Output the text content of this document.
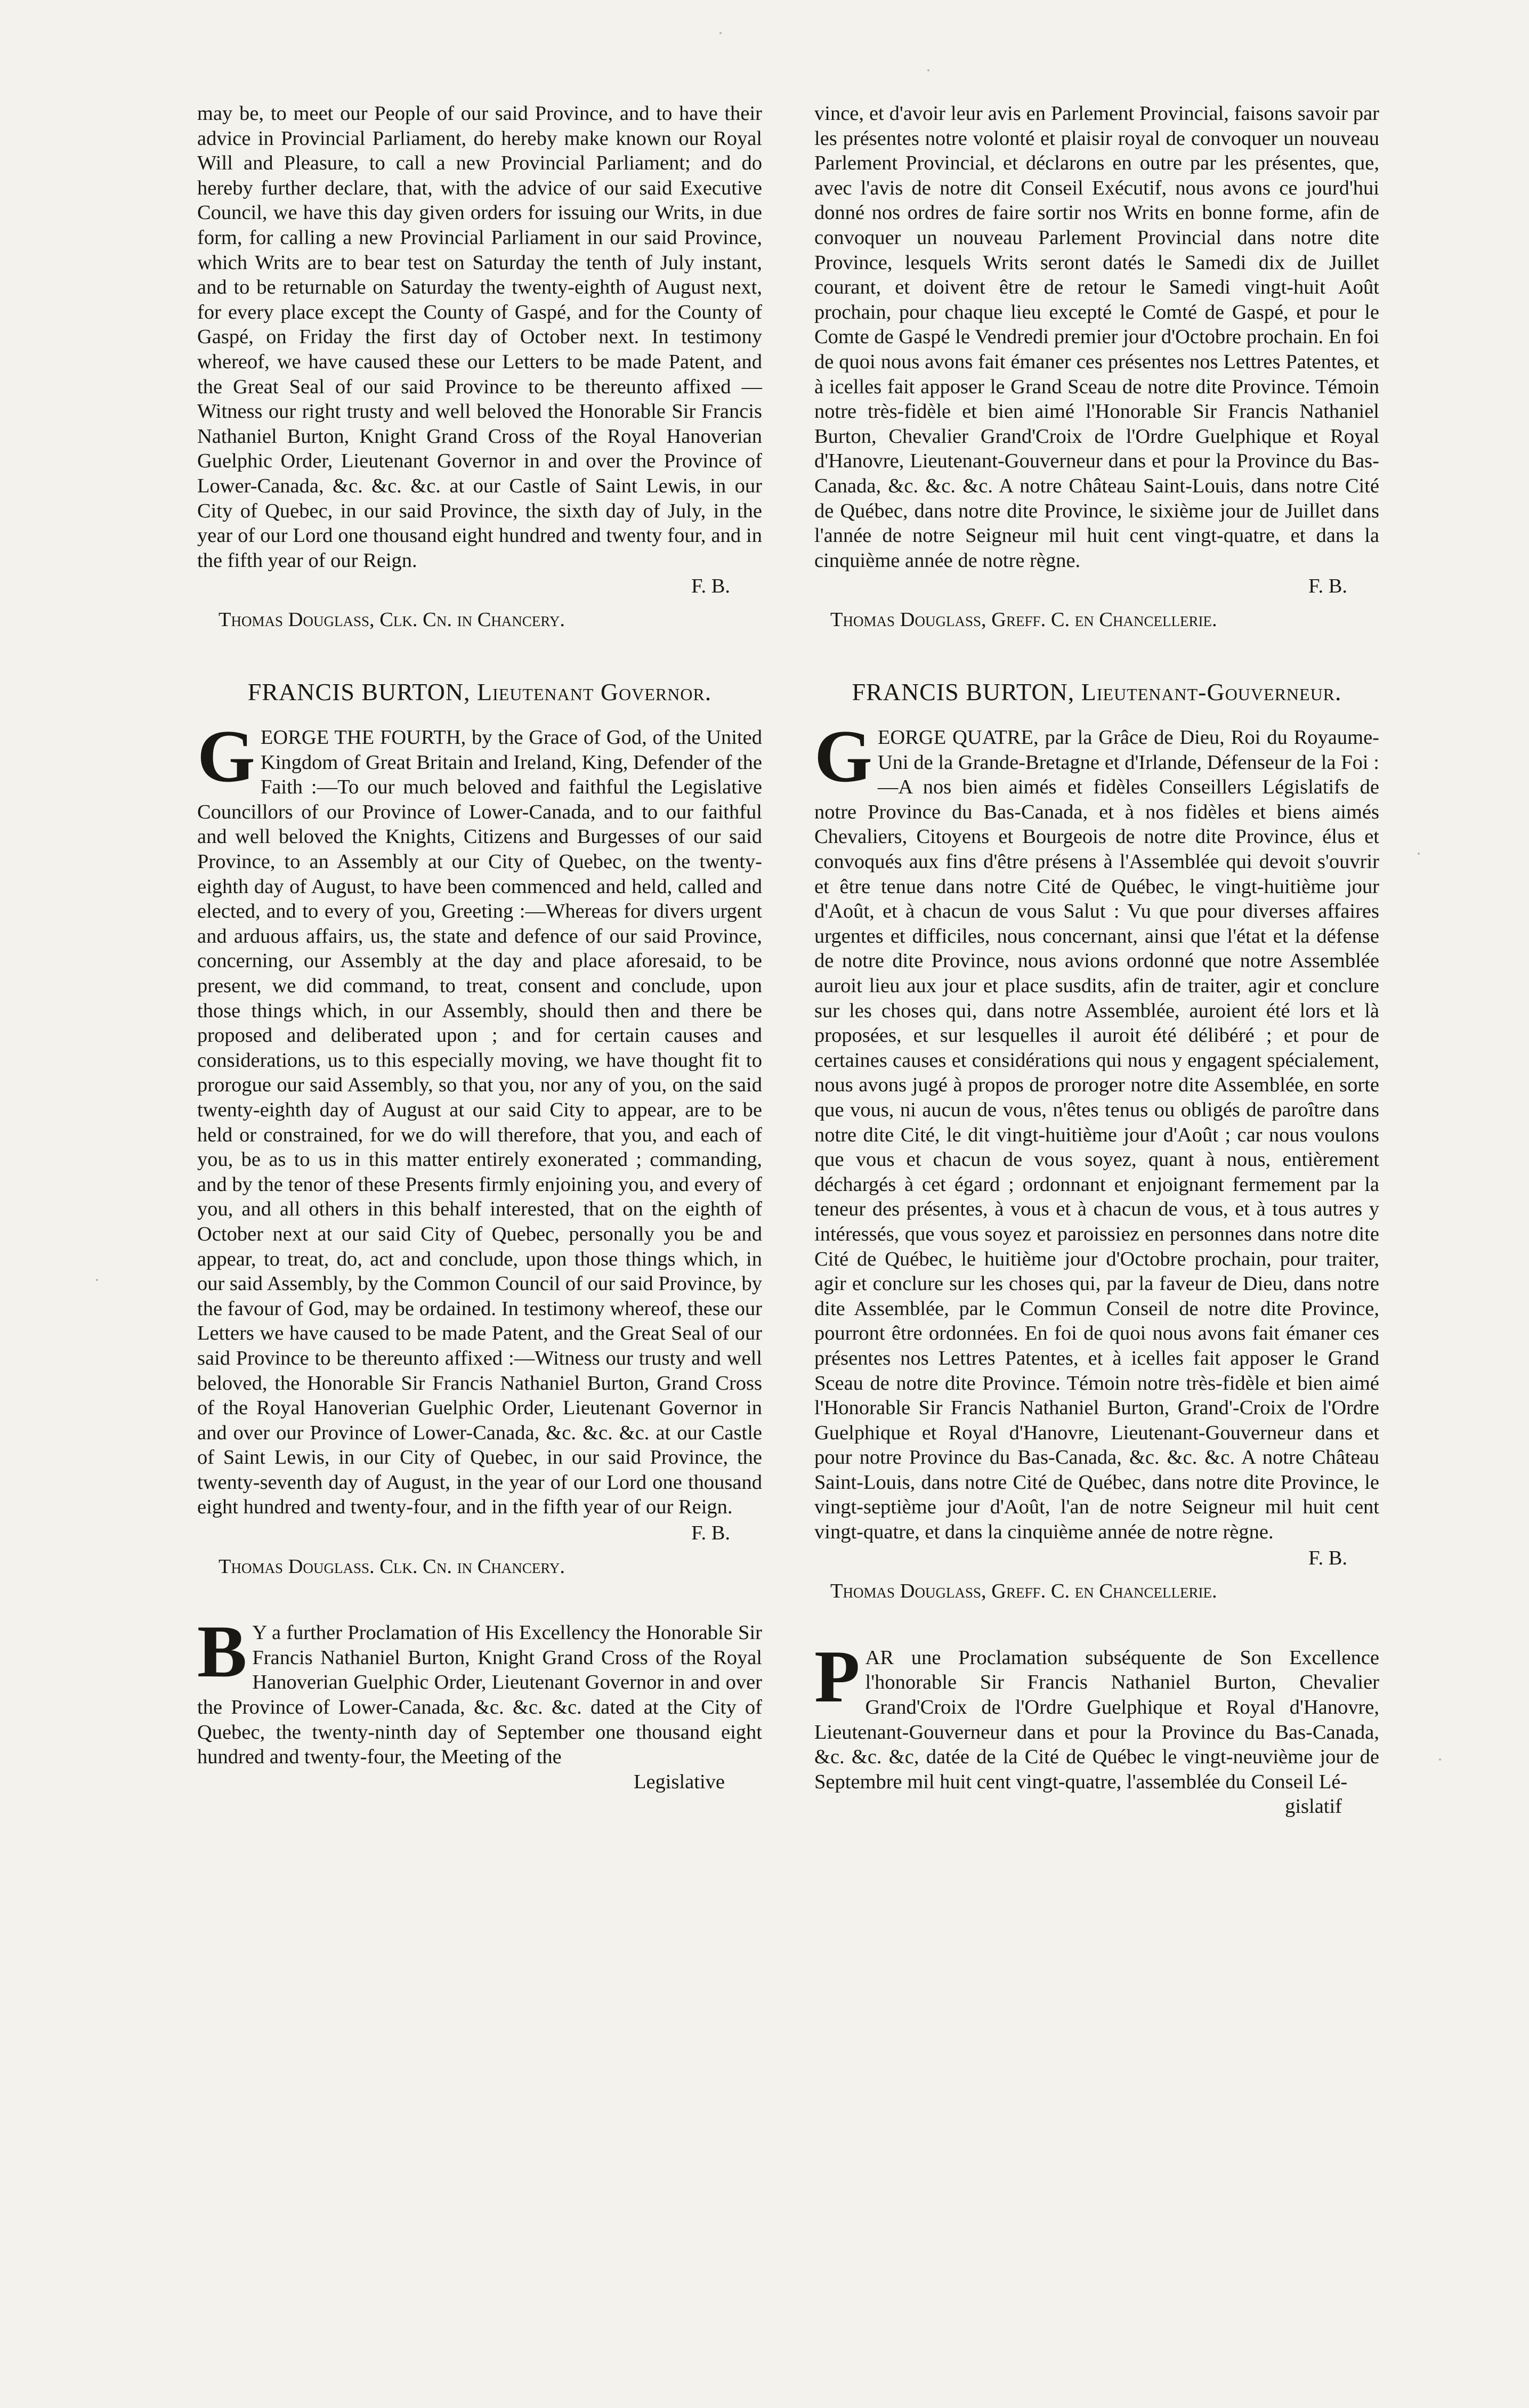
may be, to meet our People of our said Province, and to have their advice in Provincial Parliament, do hereby make known our Royal Will and Pleasure, to call a new Provincial Parliament; and do hereby further declare, that, with the advice of our said Executive Council, we have this day given orders for issuing our Writs, in due form, for calling a new Provincial Parliament in our said Province, which Writs are to bear test on Saturday the tenth of July instant, and to be returnable on Saturday the twenty-eighth of August next, for every place except the County of Gaspé, and for the County of Gaspé, on Friday the first day of October next. In testimony whereof, we have caused these our Letters to be made Patent, and the Great Seal of our said Province to be thereunto affixed —Witness our right trusty and well beloved the Honorable Sir Francis Nathaniel Burton, Knight Grand Cross of the Royal Hanoverian Guelphic Order, Lieutenant Governor in and over the Province of Lower-Canada, &c. &c. &c. at our Castle of Saint Lewis, in our City of Quebec, in our said Province, the sixth day of July, in the year of our Lord one thousand eight hundred and twenty four, and in the fifth year of our Reign.

F. B.
Thomas Douglass, Clk. Cn. in Chancery.
FRANCIS BURTON, Lieutenant Governor.

G EORGE THE FOURTH, by the Grace of God, of the United Kingdom of Great Britain and Ireland, King, Defender of the Faith :—To our much beloved and faithful the Legislative Councillors of our Province of Lower-Canada, and to our faithful and well beloved the Knights, Citizens and Burgesses of our said Province, to an Assembly at our City of Quebec, on the twenty-eighth day of August, to have been commenced and held, called and elected, and to every of you, Greeting :—Whereas for divers urgent and arduous affairs, us, the state and defence of our said Province, concerning, our Assembly at the day and place aforesaid, to be present, we did command, to treat, consent and conclude, upon those things which, in our Assembly, should then and there be proposed and deliberated upon ; and for certain causes and considerations, us to this especially moving, we have thought fit to prorogue our said Assembly, so that you, nor any of you, on the said twenty-eighth day of August at our said City to appear, are to be held or constrained, for we do will therefore, that you, and each of you, be as to us in this matter entirely exonerated ; commanding, and by the tenor of these Presents firmly enjoining you, and every of you, and all others in this behalf interested, that on the eighth of October next at our said City of Quebec, personally you be and appear, to treat, do, act and conclude, upon those things which, in our said Assembly, by the Common Council of our said Province, by the favour of God, may be ordained. In testimony whereof, these our Letters we have caused to be made Patent, and the Great Seal of our said Province to be thereunto affixed :—Witness our trusty and well beloved, the Honorable Sir Francis Nathaniel Burton, Grand Cross of the Royal Hanoverian Guelphic Order, Lieutenant Governor in and over our Province of Lower-Canada, &c. &c. &c. at our Castle of Saint Lewis, in our City of Quebec, in our said Province, the twenty-seventh day of August, in the year of our Lord one thousand eight hundred and twenty-four, and in the fifth year of our Reign.

F. B.
Thomas Douglass. Clk. Cn. in Chancery.

B Y a further Proclamation of His Excellency the Honorable Sir Francis Nathaniel Burton, Knight Grand Cross of the Royal Hanoverian Guelphic Order, Lieutenant Governor in and over the Province of Lower-Canada, &c. &c. &c. dated at the City of Quebec, the twenty-ninth day of September one thousand eight hundred and twenty-four, the Meeting of the

Legislative

vince, et d'avoir leur avis en Parlement Provincial, faisons savoir par les présentes notre volonté et plaisir royal de convoquer un nouveau Parlement Provincial, et déclarons en outre par les présentes, que, avec l'avis de notre dit Conseil Exécutif, nous avons ce jourd'hui donné nos ordres de faire sortir nos Writs en bonne forme, afin de convoquer un nouveau Parlement Provincial dans notre dite Province, lesquels Writs seront datés le Samedi dix de Juillet courant, et doivent être de retour le Samedi vingt-huit Août prochain, pour chaque lieu excepté le Comté de Gaspé, et pour le Comte de Gaspé le Vendredi premier jour d'Octobre prochain. En foi de quoi nous avons fait émaner ces présentes nos Lettres Patentes, et à icelles fait apposer le Grand Sceau de notre dite Province. Témoin notre très-fidèle et bien aimé l'Honorable Sir Francis Nathaniel Burton, Chevalier Grand'Croix de l'Ordre Guelphique et Royal d'Hanovre, Lieutenant-Gouverneur dans et pour la Province du Bas-Canada, &c. &c. &c. A notre Château Saint-Louis, dans notre Cité de Québec, dans notre dite Province, le sixième jour de Juillet dans l'année de notre Seigneur mil huit cent vingt-quatre, et dans la cinquième année de notre règne.

F. B.
Thomas Douglass, Greff. C. en Chancellerie.
FRANCIS BURTON, Lieutenant-Gouverneur.

G EORGE QUATRE, par la Grâce de Dieu, Roi du Royaume-Uni de la Grande-Bretagne et d'Irlande, Défenseur de la Foi :—A nos bien aimés et fidèles Conseillers Législatifs de notre Province du Bas-Canada, et à nos fidèles et biens aimés Chevaliers, Citoyens et Bourgeois de notre dite Province, élus et convoqués aux fins d'être présens à l'Assemblée qui devoit s'ouvrir et être tenue dans notre Cité de Québec, le vingt-huitième jour d'Août, et à chacun de vous Salut : Vu que pour diverses affaires urgentes et difficiles, nous concernant, ainsi que l'état et la défense de notre dite Province, nous avions ordonné que notre Assemblée auroit lieu aux jour et place susdits, afin de traiter, agir et conclure sur les choses qui, dans notre Assemblée, auroient été lors et là proposées, et sur lesquelles il auroit été délibéré ; et pour de certaines causes et considérations qui nous y engagent spécialement, nous avons jugé à propos de proroger notre dite Assemblée, en sorte que vous, ni aucun de vous, n'êtes tenus ou obligés de paroître dans notre dite Cité, le dit vingt-huitième jour d'Août ; car nous voulons que vous et chacun de vous soyez, quant à nous, entièrement déchargés à cet égard ; ordonnant et enjoignant fermement par la teneur des présentes, à vous et à chacun de vous, et à tous autres y intéressés, que vous soyez et paroissiez en personnes dans notre dite Cité de Québec, le huitième jour d'Octobre prochain, pour traiter, agir et conclure sur les choses qui, par la faveur de Dieu, dans notre dite Assemblée, par le Commun Conseil de notre dite Province, pourront être ordonnées. En foi de quoi nous avons fait émaner ces présentes nos Lettres Patentes, et à icelles fait apposer le Grand Sceau de notre dite Province. Témoin notre très-fidèle et bien aimé l'Honorable Sir Francis Nathaniel Burton, Grand'-Croix de l'Ordre Guelphique et Royal d'Hanovre, Lieutenant-Gouverneur dans et pour notre Province du Bas-Canada, &c. &c. &c. A notre Château Saint-Louis, dans notre Cité de Québec, dans notre dite Province, le vingt-septième jour d'Août, l'an de notre Seigneur mil huit cent vingt-quatre, et dans la cinquième année de notre règne.

F. B.
Thomas Douglass, Greff. C. en Chancellerie.

P AR une Proclamation subséquente de Son Excellence l'honorable Sir Francis Nathaniel Burton, Chevalier Grand'Croix de l'Ordre Guelphique et Royal d'Hanovre, Lieutenant-Gouverneur dans et pour la Province du Bas-Canada, &c. &c. &c, datée de la Cité de Québec le vingt-neuvième jour de Septembre mil huit cent vingt-quatre, l'assemblée du Conseil Lé-

gislatif
